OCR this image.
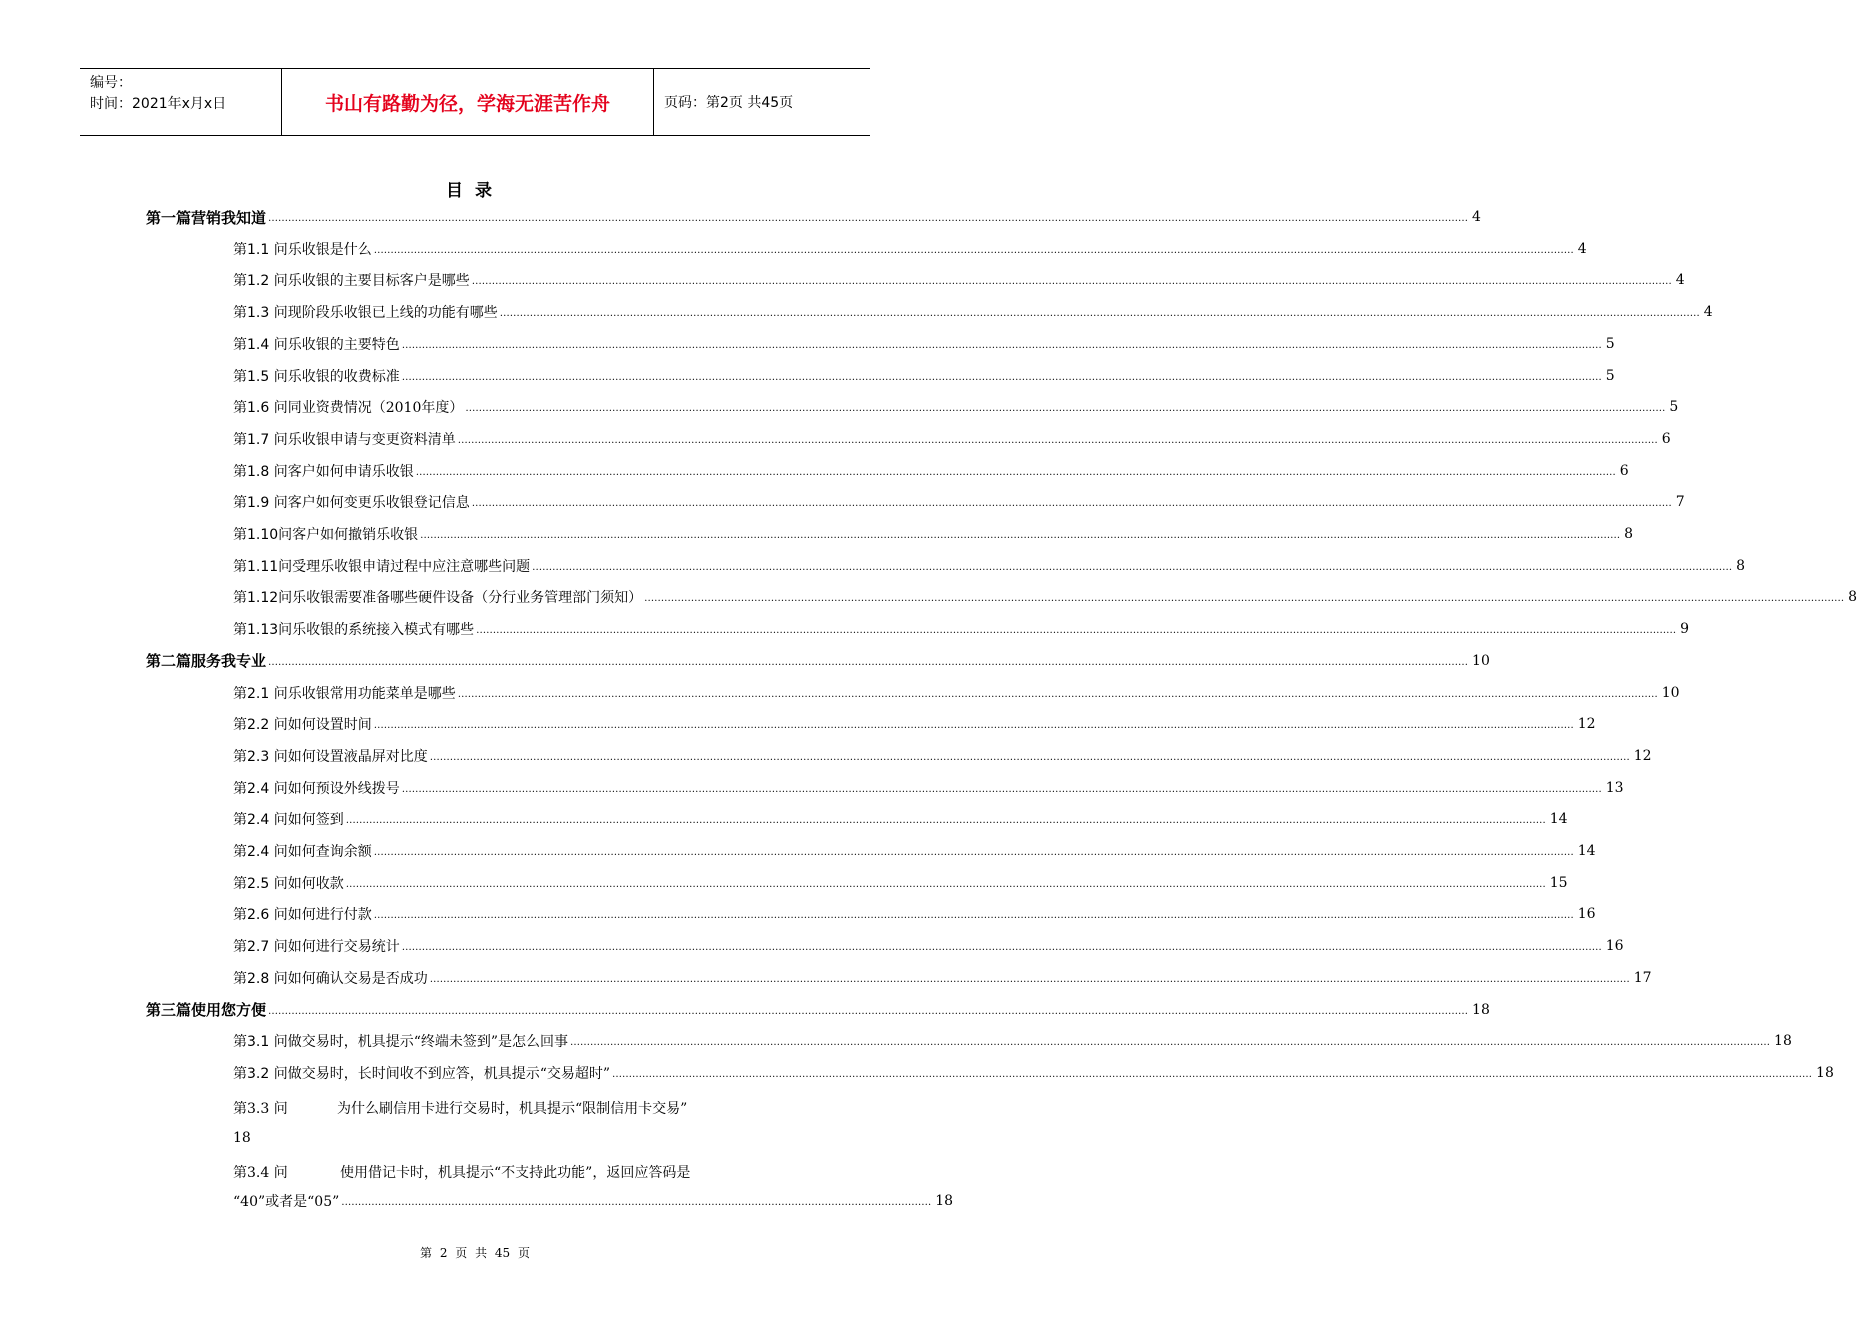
编号：
时间：2021年x月x日	书山有路勤为径，学海无涯苦作舟	页码：第2页 共45页
目录
第一篇 营销我知道 ……………………………………………………………………………………………………………………………………………………………………………………………………………………………………………………………………………………………………………………………… 4
第1.1 问 乐收银是什么 ……………………………………………………………………………………………………………………………………………………………………………………………………………………………………………………………………………………………………………………………… 4
第1.2 问 乐收银的主要目标客户是哪些 ……………………………………………………………………………………………………………………………………………………………………………………………………………………………………………………………………………………………………………………………… 4
第1.3 问 现阶段乐收银已上线的功能有哪些 ……………………………………………………………………………………………………………………………………………………………………………………………………………………………………………………………………………………………………………………………… 4
第1.4 问 乐收银的主要特色 ……………………………………………………………………………………………………………………………………………………………………………………………………………………………………………………………………………………………………………………………… 5
第1.5 问 乐收银的收费标准 ……………………………………………………………………………………………………………………………………………………………………………………………………………………………………………………………………………………………………………………………… 5
第1.6 问 同业资费情况（2010年度） ……………………………………………………………………………………………………………………………………………………………………………………………………………………………………………………………………………………………………………………………… 5
第1.7 问 乐收银申请与变更资料清单 ……………………………………………………………………………………………………………………………………………………………………………………………………………………………………………………………………………………………………………………………… 6
第1.8 问 客户如何申请乐收银 ……………………………………………………………………………………………………………………………………………………………………………………………………………………………………………………………………………………………………………………………… 6
第1.9 问 客户如何变更乐收银登记信息 ……………………………………………………………………………………………………………………………………………………………………………………………………………………………………………………………………………………………………………………………… 7
第1.10问 客户如何撤销乐收银 ……………………………………………………………………………………………………………………………………………………………………………………………………………………………………………………………………………………………………………………………… 8
第1.11问 受理乐收银申请过程中应注意哪些问题 ……………………………………………………………………………………………………………………………………………………………………………………………………………………………………………………………………………………………………………………………… 8
第1.12问 乐收银需要准备哪些硬件设备（分行业务管理部门须知） ……………………………………………………………………………………………………………………………………………………………………………………………………………………………………………………………………………………………………………………………… 8
第1.13问 乐收银的系统接入模式有哪些 ……………………………………………………………………………………………………………………………………………………………………………………………………………………………………………………………………………………………………………………………… 9
第二篇 服务我专业 ……………………………………………………………………………………………………………………………………………………………………………………………………………………………………………………………………………………………………………………………… 10
第2.1 问 乐收银常用功能菜单是哪些 ……………………………………………………………………………………………………………………………………………………………………………………………………………………………………………………………………………………………………………………………… 10
第2.2 问 如何设置时间 ……………………………………………………………………………………………………………………………………………………………………………………………………………………………………………………………………………………………………………………………… 12
第2.3 问 如何设置液晶屏对比度 ……………………………………………………………………………………………………………………………………………………………………………………………………………………………………………………………………………………………………………………………… 12
第2.4 问 如何预设外线拨号 ……………………………………………………………………………………………………………………………………………………………………………………………………………………………………………………………………………………………………………………………… 13
第2.4 问 如何签到 ……………………………………………………………………………………………………………………………………………………………………………………………………………………………………………………………………………………………………………………………… 14
第2.4 问 如何查询余额 ……………………………………………………………………………………………………………………………………………………………………………………………………………………………………………………………………………………………………………………………… 14
第2.5 问 如何收款 ……………………………………………………………………………………………………………………………………………………………………………………………………………………………………………………………………………………………………………………………… 15
第2.6 问 如何进行付款 ……………………………………………………………………………………………………………………………………………………………………………………………………………………………………………………………………………………………………………………………… 16
第2.7 问 如何进行交易统计 ……………………………………………………………………………………………………………………………………………………………………………………………………………………………………………………………………………………………………………………………… 16
第2.8 问 如何确认交易是否成功 ……………………………………………………………………………………………………………………………………………………………………………………………………………………………………………………………………………………………………………………………… 17
第三篇 使用您方便 ……………………………………………………………………………………………………………………………………………………………………………………………………………………………………………………………………………………………………………………………… 18
第3.1 问 做交易时，机具提示“终端未签到”是怎么回事 ……………………………………………………………………………………………………………………………………………………………………………………………………………………………………………………………………………………………………………………………… 18
第3.2 问 做交易时，长时间收不到应答，机具提示“交易超时” ……………………………………………………………………………………………………………………………………………………………………………………………………………………………………………………………………………………………………………………………… 18
第3.3 问	为什么刷信用卡进行交易时，机具提示“限制信用卡交易”
18
第3.4 问	使用借记卡时，机具提示“不支持此功能”，返回应答码是
“40”或者是“05” …………………………………………………………………………………………………………………………………………………………… 18
第 2 页 共 45 页
